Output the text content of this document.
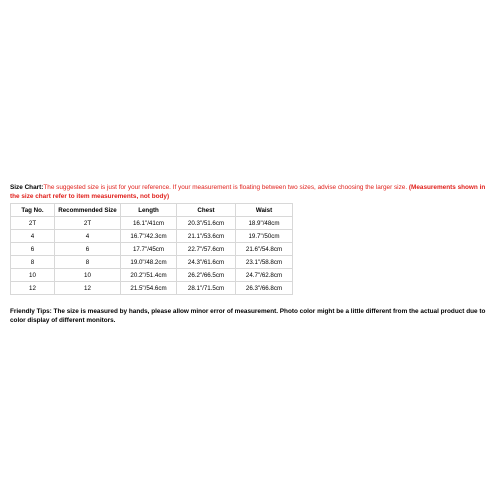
Size Chart:The suggested size is just for your reference. If your measurement is floating between two sizes, advise choosing the larger size. (Measurements shown in the size chart refer to item measurements, not body)

Tag No.	Recommended Size	Length	Chest	Waist
2T	2T	16.1"/41cm	20.3"/51.6cm	18.9"/48cm
4	4	16.7"/42.3cm	21.1"/53.6cm	19.7"/50cm
6	6	17.7"/45cm	22.7"/57.6cm	21.6"/54.8cm
8	8	19.0"/48.2cm	24.3"/61.6cm	23.1"/58.8cm
10	10	20.2"/51.4cm	26.2"/66.5cm	24.7"/62.8cm
12	12	21.5"/54.6cm	28.1"/71.5cm	26.3"/66.8cm

Friendly Tips: The size is measured by hands, please allow minor error of measurement. Photo color might be a little different from the actual product due to color display of different monitors.
